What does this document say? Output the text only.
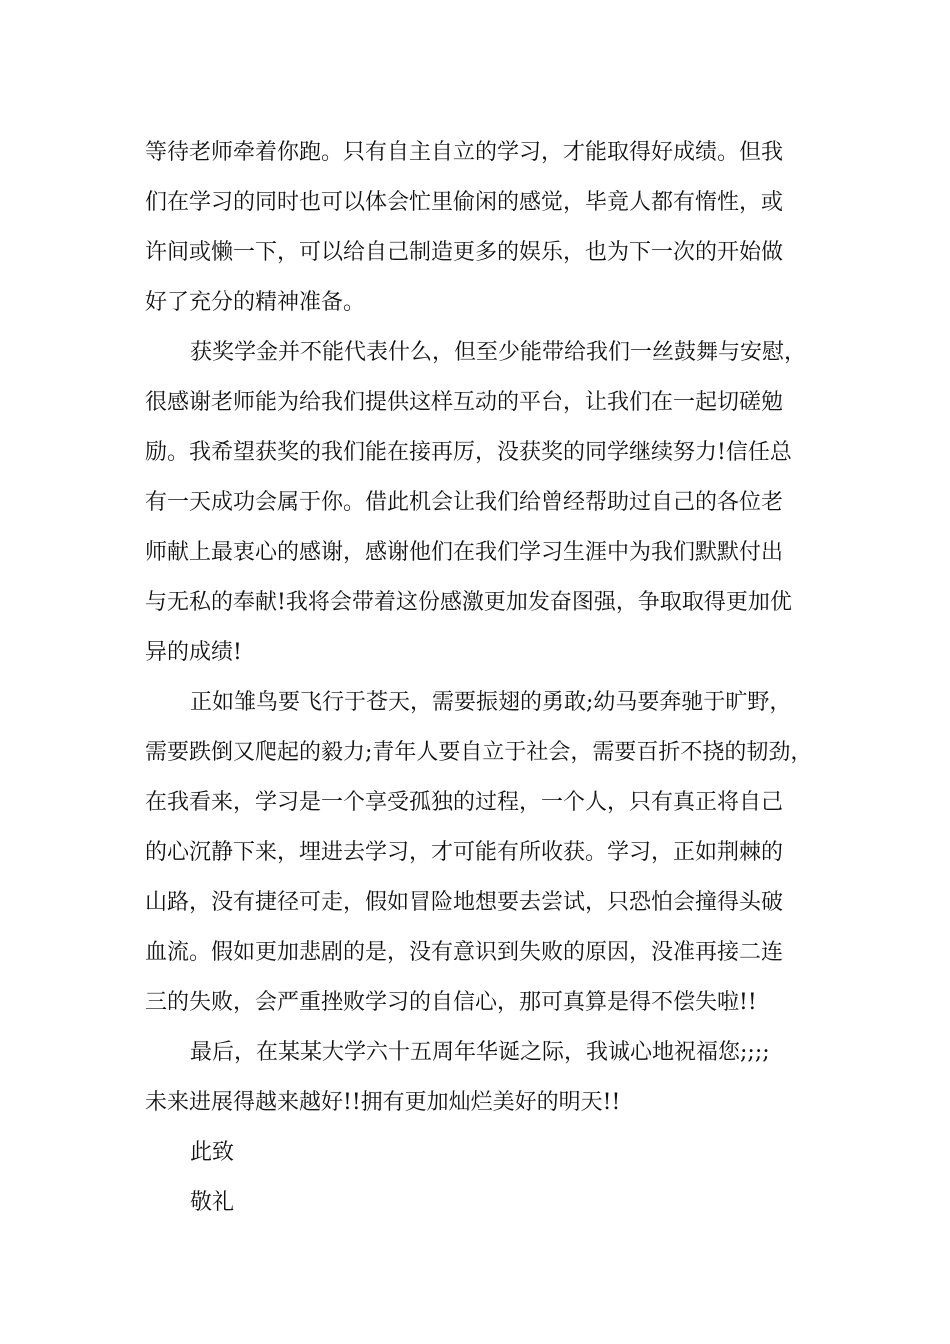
等待老师牵着你跑。只有自主自立的学习，才能取得好成绩。但我
们在学习的同时也可以体会忙里偷闲的感觉，毕竟人都有惰性，或
许间或懒一下，可以给自己制造更多的娱乐，也为下一次的开始做
好了充分的精神准备。
获奖学金并不能代表什么，但至少能带给我们一丝鼓舞与安慰，
很感谢老师能为给我们提供这样互动的平台，让我们在一起切磋勉
励。我希望获奖的我们能在接再厉，没获奖的同学继续努力!信任总
有一天成功会属于你。借此机会让我们给曾经帮助过自己的各位老
师献上最衷心的感谢，感谢他们在我们学习生涯中为我们默默付出
与无私的奉献!我将会带着这份感激更加发奋图强，争取取得更加优
异的成绩!
正如雏鸟要飞行于苍天，需要振翅的勇敢;幼马要奔驰于旷野，
需要跌倒又爬起的毅力;青年人要自立于社会，需要百折不挠的韧劲，
在我看来，学习是一个享受孤独的过程，一个人，只有真正将自己
的心沉静下来，埋进去学习，才可能有所收获。学习，正如荆棘的
山路，没有捷径可走，假如冒险地想要去尝试，只恐怕会撞得头破
血流。假如更加悲剧的是，没有意识到失败的原因，没准再接二连
三的失败，会严重挫败学习的自信心，那可真算是得不偿失啦!!
最后，在某某大学六十五周年华诞之际，我诚心地祝福您;;;;
未来进展得越来越好!!拥有更加灿烂美好的明天!!
此致
敬礼
